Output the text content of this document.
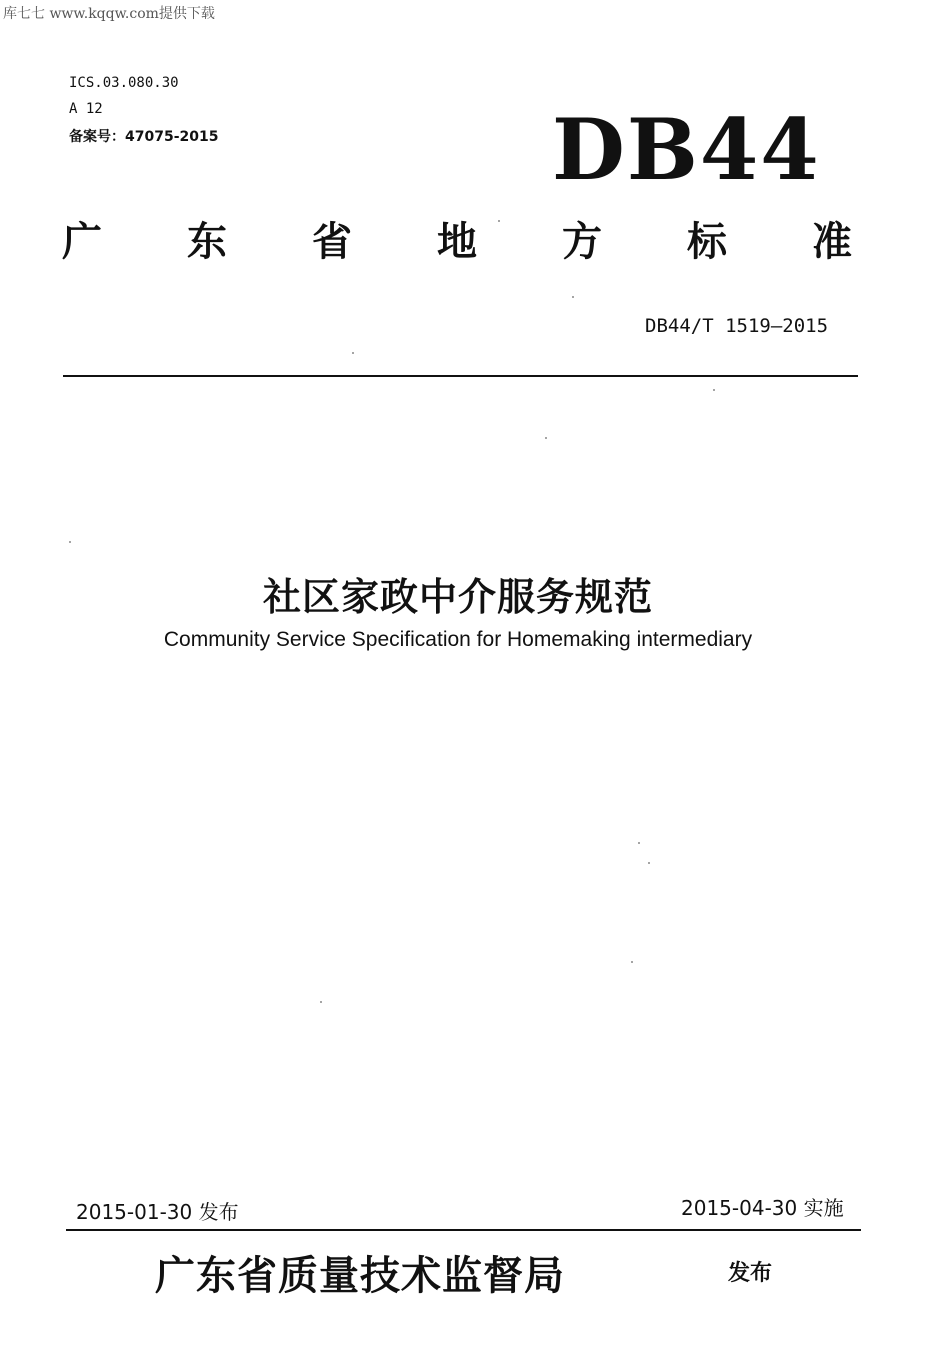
库七七 www.kqqw.com提供下载
ICS.03.080.30
A 12
备案号：47075-2015	DB44
广 东 省 地 方 标 准
DB44/T 1519—2015
社区家政中介服务规范
Community Service Specification for Homemaking intermediary
2015-01-30 发布	2015-04-30 实施
广东省质量技术监督局	发布
